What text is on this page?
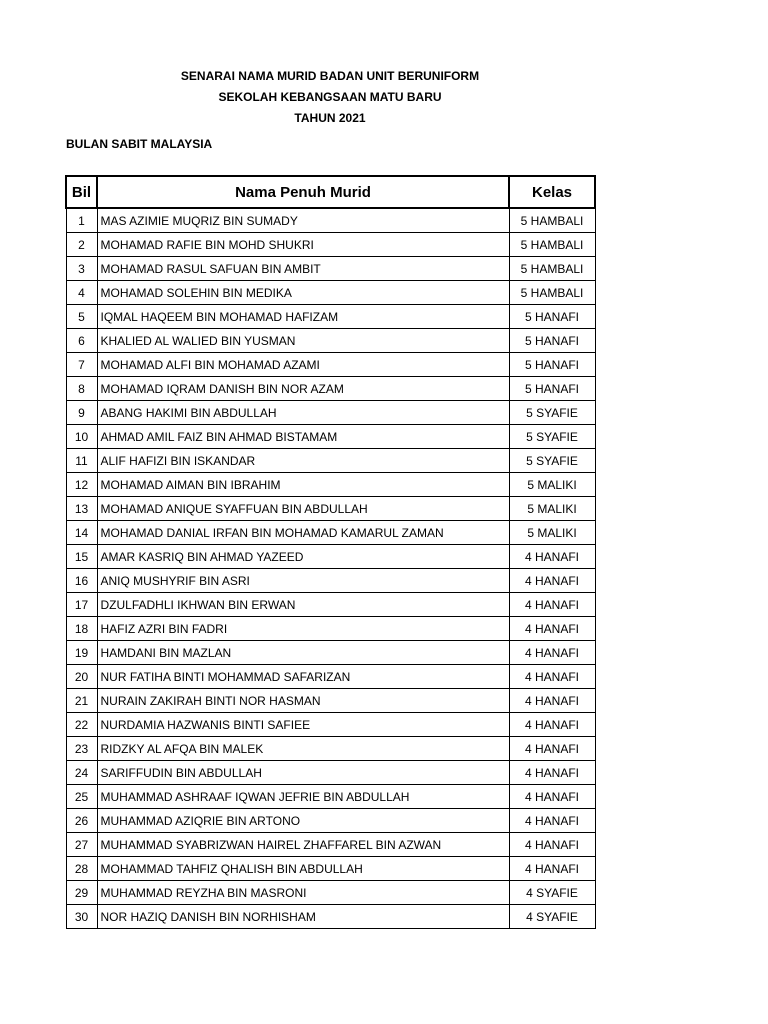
SENARAI NAMA MURID BADAN UNIT BERUNIFORM
SEKOLAH KEBANGSAAN MATU BARU
TAHUN 2021
BULAN SABIT MALAYSIA
Bil	Nama Penuh Murid	Kelas
1	MAS AZIMIE MUQRIZ BIN SUMADY	5 HAMBALI
2	MOHAMAD RAFIE BIN MOHD SHUKRI	5 HAMBALI
3	MOHAMAD RASUL SAFUAN BIN AMBIT	5 HAMBALI
4	MOHAMAD SOLEHIN BIN MEDIKA	5 HAMBALI
5	IQMAL HAQEEM BIN MOHAMAD HAFIZAM	5 HANAFI
6	KHALIED AL WALIED BIN YUSMAN	5 HANAFI
7	MOHAMAD ALFI BIN MOHAMAD AZAMI	5 HANAFI
8	MOHAMAD IQRAM DANISH BIN NOR AZAM	5 HANAFI
9	ABANG HAKIMI BIN ABDULLAH	5 SYAFIE
10	AHMAD AMIL FAIZ BIN AHMAD BISTAMAM	5 SYAFIE
11	ALIF HAFIZI BIN ISKANDAR	5 SYAFIE
12	MOHAMAD AIMAN BIN IBRAHIM	5 MALIKI
13	MOHAMAD ANIQUE SYAFFUAN BIN ABDULLAH	5 MALIKI
14	MOHAMAD DANIAL IRFAN BIN MOHAMAD KAMARUL ZAMAN	5 MALIKI
15	AMAR KASRIQ BIN AHMAD YAZEED	4 HANAFI
16	ANIQ MUSHYRIF BIN ASRI	4 HANAFI
17	DZULFADHLI IKHWAN BIN ERWAN	4 HANAFI
18	HAFIZ AZRI BIN FADRI	4 HANAFI
19	HAMDANI BIN MAZLAN	4 HANAFI
20	NUR FATIHA BINTI MOHAMMAD SAFARIZAN	4 HANAFI
21	NURAIN ZAKIRAH BINTI NOR HASMAN	4 HANAFI
22	NURDAMIA HAZWANIS BINTI SAFIEE	4 HANAFI
23	RIDZKY AL AFQA BIN MALEK	4 HANAFI
24	SARIFFUDIN BIN ABDULLAH	4 HANAFI
25	MUHAMMAD ASHRAAF IQWAN JEFRIE BIN ABDULLAH	4 HANAFI
26	MUHAMMAD AZIQRIE BIN ARTONO	4 HANAFI
27	MUHAMMAD SYABRIZWAN HAIREL ZHAFFAREL BIN AZWAN	4 HANAFI
28	MOHAMMAD TAHFIZ QHALISH BIN ABDULLAH	4 HANAFI
29	MUHAMMAD REYZHA BIN MASRONI	4 SYAFIE
30	NOR HAZIQ DANISH BIN NORHISHAM	4 SYAFIE
